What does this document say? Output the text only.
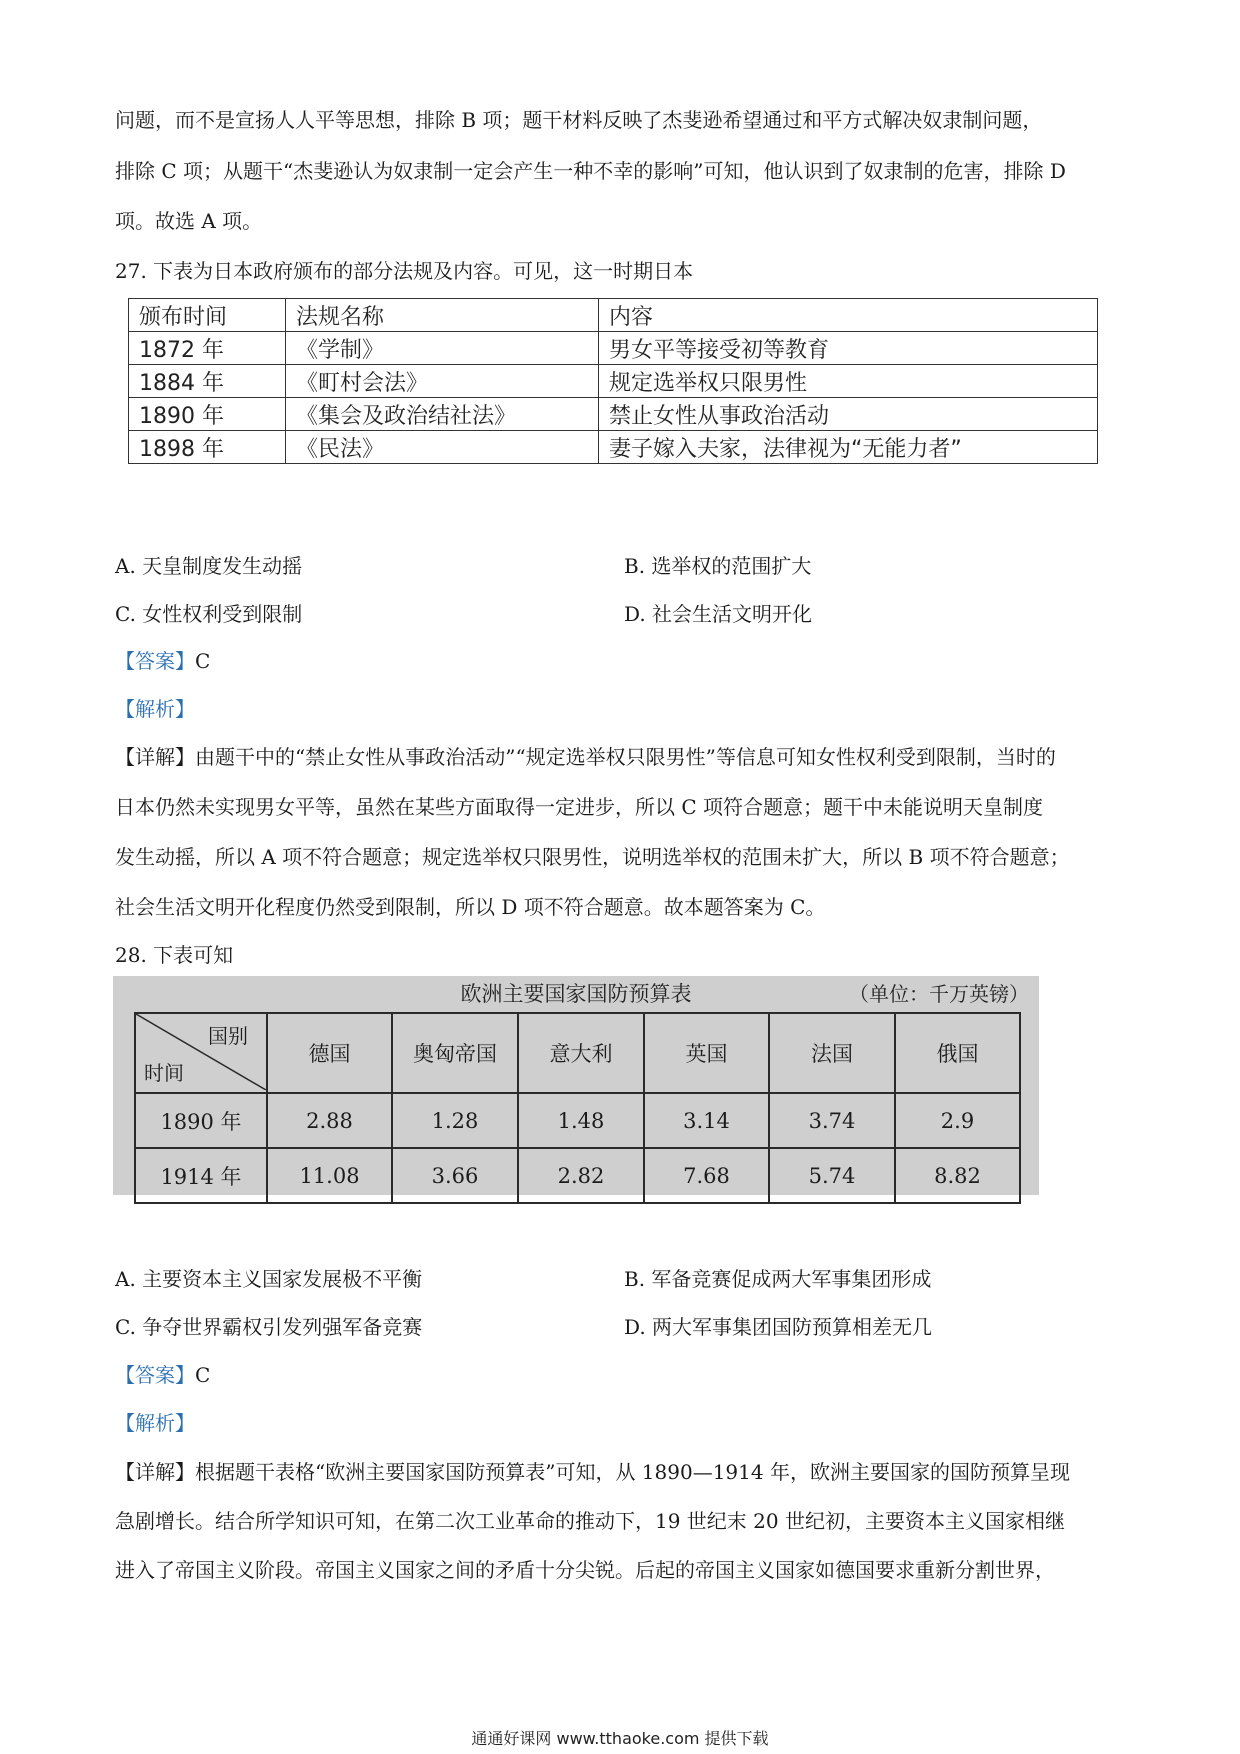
问题，而不是宣扬人人平等思想，排除 B 项；题干材料反映了杰斐逊希望通过和平方式解决奴隶制问题，
排除 C 项；从题干“杰斐逊认为奴隶制一定会产生一种不幸的影响”可知，他认识到了奴隶制的危害，排除 D
项。故选 A 项。
27. 下表为日本政府颁布的部分法规及内容。可见，这一时期日本
颁布时间	法规名称	内容
1872 年	《学制》	男女平等接受初等教育
1884 年	《町村会法》	规定选举权只限男性
1890 年	《集会及政治结社法》	禁止女性从事政治活动
1898 年	《民法》	妻子嫁入夫家，法律视为“无能力者”
A. 天皇制度发生动摇	B. 选举权的范围扩大
C. 女性权利受到限制	D. 社会生活文明开化
【答案】C
【解析】
【详解】由题干中的“禁止女性从事政治活动”“规定选举权只限男性”等信息可知女性权利受到限制，当时的
日本仍然未实现男女平等，虽然在某些方面取得一定进步，所以 C 项符合题意；题干中未能说明天皇制度
发生动摇，所以 A 项不符合题意；规定选举权只限男性，说明选举权的范围未扩大，所以 B 项不符合题意；
社会生活文明开化程度仍然受到限制，所以 D 项不符合题意。故本题答案为 C。
28. 下表可知
欧洲主要国家国防预算表	（单位：千万英镑）
国别
时间	德国	奥匈帝国	意大利	英国	法国	俄国
1890 年	2.88	1.28	1.48	3.14	3.74	2.9
1914 年	11.08	3.66	2.82	7.68	5.74	8.82
A. 主要资本主义国家发展极不平衡	B. 军备竞赛促成两大军事集团形成
C. 争夺世界霸权引发列强军备竞赛	D. 两大军事集团国防预算相差无几
【答案】C
【解析】
【详解】根据题干表格“欧洲主要国家国防预算表”可知，从 1890—1914 年，欧洲主要国家的国防预算呈现
急剧增长。结合所学知识可知，在第二次工业革命的推动下，19 世纪末 20 世纪初，主要资本主义国家相继
进入了帝国主义阶段。帝国主义国家之间的矛盾十分尖锐。后起的帝国主义国家如德国要求重新分割世界，
通通好课网 www.tthaoke.com 提供下载
